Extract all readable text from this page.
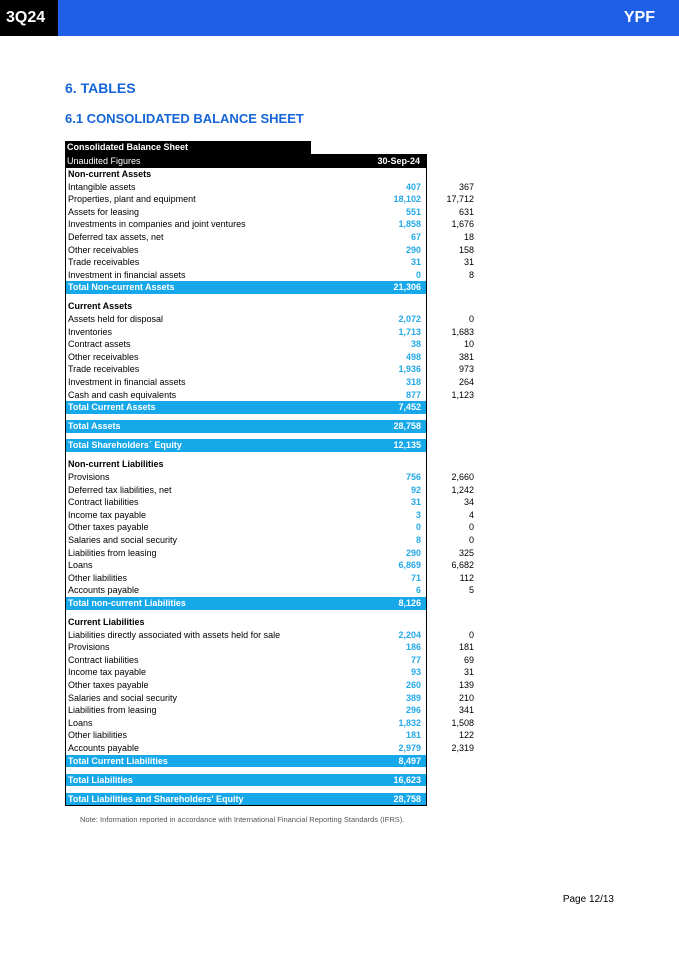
3Q24	YPF
6. TABLES
6.1 CONSOLIDATED BALANCE SHEET
Consolidated Balance Sheet
Unaudited Figures	30-Sep-24	31-Dec-23
Non-current Assets
Intangible assets	407	367
Properties, plant and equipment	18,102	17,712
Assets for leasing	551	631
Investments in companies and joint ventures	1,858	1,676
Deferred tax assets, net	67	18
Other receivables	290	158
Trade receivables	31	31
Investment in financial assets	0	8
Total Non-current Assets	21,306	20,601
Current Assets
Assets held for disposal	2,072	0
Inventories	1,713	1,683
Contract assets	38	10
Other receivables	498	381
Trade receivables	1,936	973
Investment in financial assets	318	264
Cash and cash equivalents	877	1,123
Total Current Assets	7,452	4,434
Total Assets	28,758	25,035
Total Shareholders´ Equity	12,135	9,051
Non-current Liabilities
Provisions	756	2,660
Deferred tax liabilities, net	92	1,242
Contract liabilities	31	34
Income tax payable	3	4
Other taxes payable	0	0
Salaries and social security	8	0
Liabilities from leasing	290	325
Loans	6,869	6,682
Other liabilities	71	112
Accounts payable	6	5
Total non-current Liabilities	8,126	11,064
Current Liabilities
Liabilities directly associated with assets held for sale	2,204	0
Provisions	186	181
Contract liabilities	77	69
Income tax payable	93	31
Other taxes payable	260	139
Salaries and social security	389	210
Liabilities from leasing	296	341
Loans	1,832	1,508
Other liabilities	181	122
Accounts payable	2,979	2,319
Total Current Liabilities	8,497	4,920
Total Liabilities	16,623	15,984
Total Liabilities and Shareholders' Equity	28,758	25,035
Note: Information reported in accordance with International Financial Reporting Standards (IFRS).
Page 12/13
